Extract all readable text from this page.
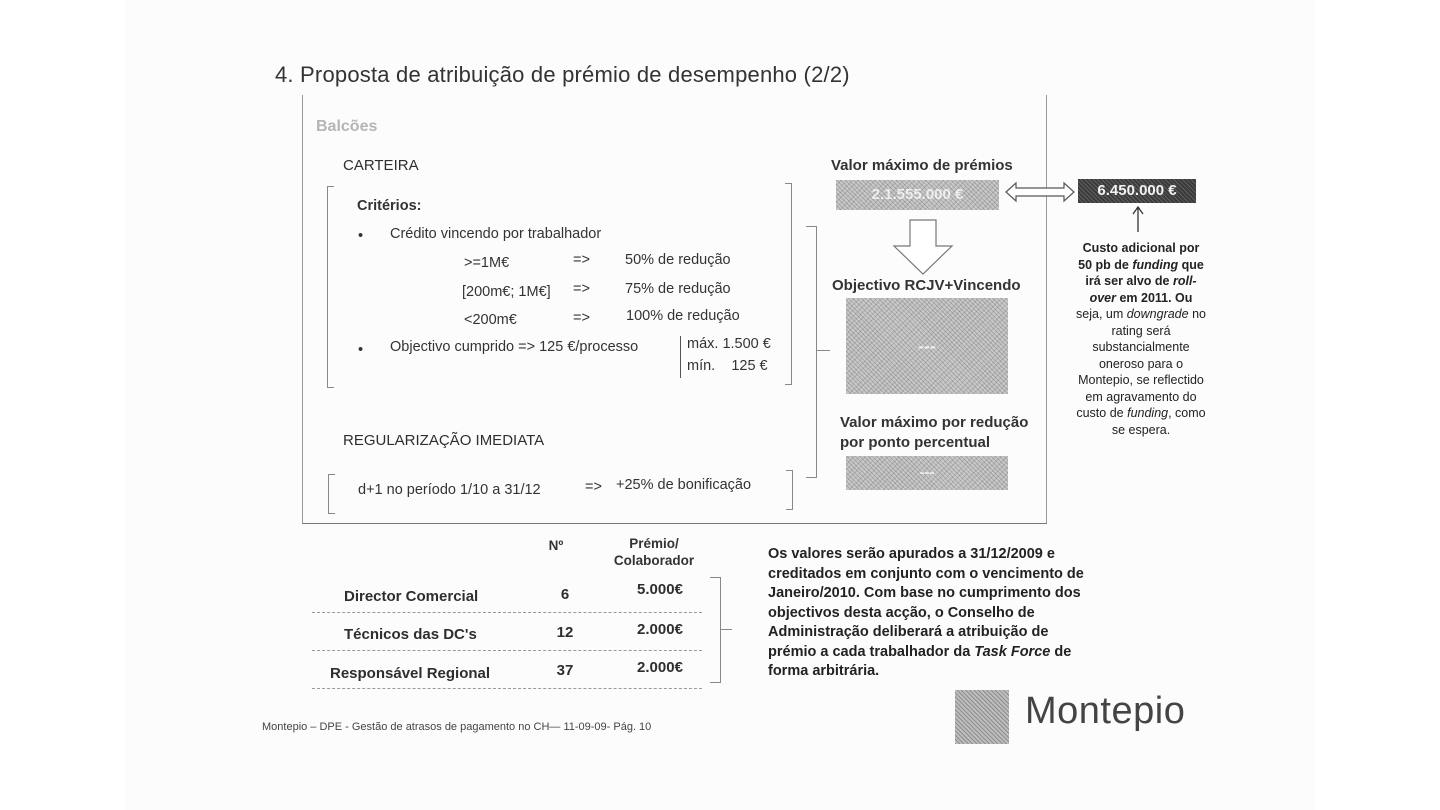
4. Proposta de atribuição de prémio de desempenho (2/2)
Balcões
CARTEIRA
Critérios:
• Crédito vincendo por trabalhador
>=1M€	=> 50% de redução
[200m€; 1M€] => 75% de redução
<200m€	=> 100% de redução
• Objectivo cumprido => 125 €/processo	máx. 1.500 €
mín.    125 €
REGULARIZAÇÃO IMEDIATA
d+1 no período 1/10 a 31/12	=> +25% de bonificação
Valor máximo de prémios
2.1.555.000 €	6.450.000 €
Objectivo RCJV+Vincendo
---
Valor máximo por redução
por ponto percentual
---
Custo adicional por
50 pb de funding que
irá ser alvo de roll-
over em 2011. Ou
seja, um downgrade no
rating será
substancialmente
oneroso para o
Montepio, se reflectido
em agravamento do
custo de funding, como
se espera.
Nº	Prémio/
Colaborador
Director Comercial	6	5.000€
Técnicos das DC's	12	2.000€
Responsável Regional	37	2.000€
Os valores serão apurados a 31/12/2009 e
creditados em conjunto com o vencimento de
Janeiro/2010. Com base no cumprimento dos
objectivos desta acção, o Conselho de
Administração deliberará a atribuição de
prémio a cada trabalhador da Task Force de
forma arbitrária.
Montepio – DPE - Gestão de atrasos de pagamento no CH— 11-09-09- Pág. 10	Montepio
